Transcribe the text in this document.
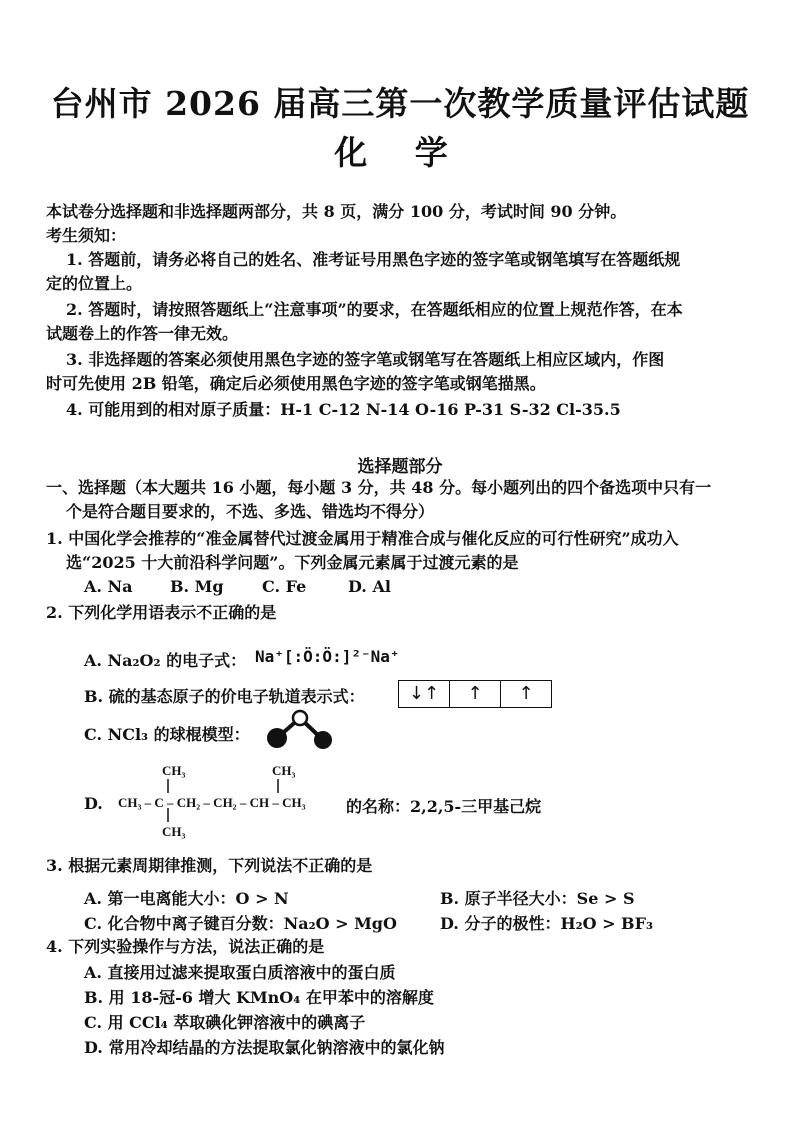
台州市 2026 届高三第一次教学质量评估试题
化 学
本试卷分选择题和非选择题两部分，共 8 页，满分 100 分，考试时间 90 分钟。
考生须知：
1. 答题前，请务必将自己的姓名、准考证号用黑色字迹的签字笔或钢笔填写在答题纸规
定的位置上。
2. 答题时，请按照答题纸上“注意事项”的要求，在答题纸相应的位置上规范作答，在本
试题卷上的作答一律无效。
3. 非选择题的答案必须使用黑色字迹的签字笔或钢笔写在答题纸上相应区域内，作图
时可先使用 2B 铅笔，确定后必须使用黑色字迹的签字笔或钢笔描黑。
4. 可能用到的相对原子质量：H-1 C-12 N-14 O-16 P-31 S-32 Cl-35.5
选择题部分
一、选择题（本大题共 16 小题，每小题 3 分，共 48 分。每小题列出的四个备选项中只有一
个是符合题目要求的，不选、多选、错选均不得分）
1. 中国化学会推荐的“准金属替代过渡金属用于精准合成与催化反应的可行性研究”成功入
选“2025 十大前沿科学问题”。下列金属元素属于过渡元素的是
A. Na B. Mg C. Fe	D. Al
2. 下列化学用语表示不正确的是
A. Na₂O₂ 的电子式： Na⁺[:Ö:Ö:]²⁻Na⁺
B. 硫的基态原子的价电子轨道表示式：	↓↑	↑	↑
C. NCl₃ 的球棍模型：
D.
CH₃	CH₃
CH₃ – C – CH₂ – CH₂ – CH – CH₃
CH₃
的名称：2,2,5-三甲基己烷
3. 根据元素周期律推测，下列说法不正确的是
A. 第一电离能大小：O > N	B. 原子半径大小：Se > S
C. 化合物中离子键百分数：Na₂O > MgO	D. 分子的极性：H₂O > BF₃
4. 下列实验操作与方法，说法正确的是
A. 直接用过滤来提取蛋白质溶液中的蛋白质
B. 用 18-冠-6 增大 KMnO₄ 在甲苯中的溶解度
C. 用 CCl₄ 萃取碘化钾溶液中的碘离子
D. 常用冷却结晶的方法提取氯化钠溶液中的氯化钠
